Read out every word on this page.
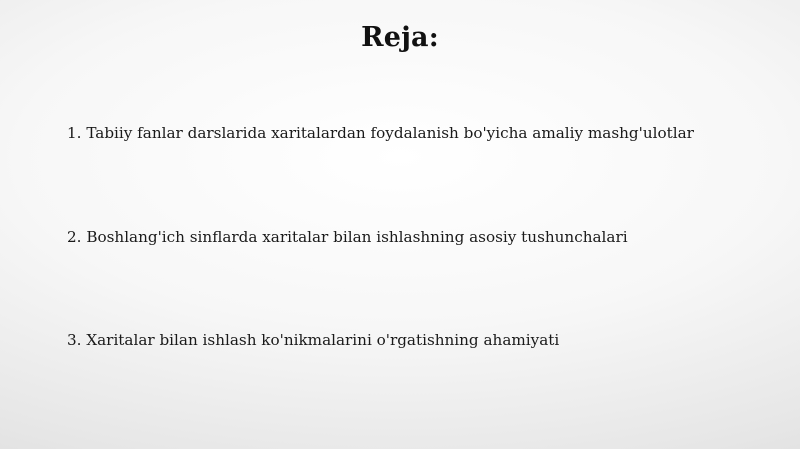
Reja:
1. Tabiiy fanlar darslarida xaritalardan foydalanish bo'yicha amaliy mashg'ulotlar
2. Boshlang'ich sinflarda xaritalar bilan ishlashning asosiy tushunchalari
3. Xaritalar bilan ishlash ko'nikmalarini o'rgatishning ahamiyati
